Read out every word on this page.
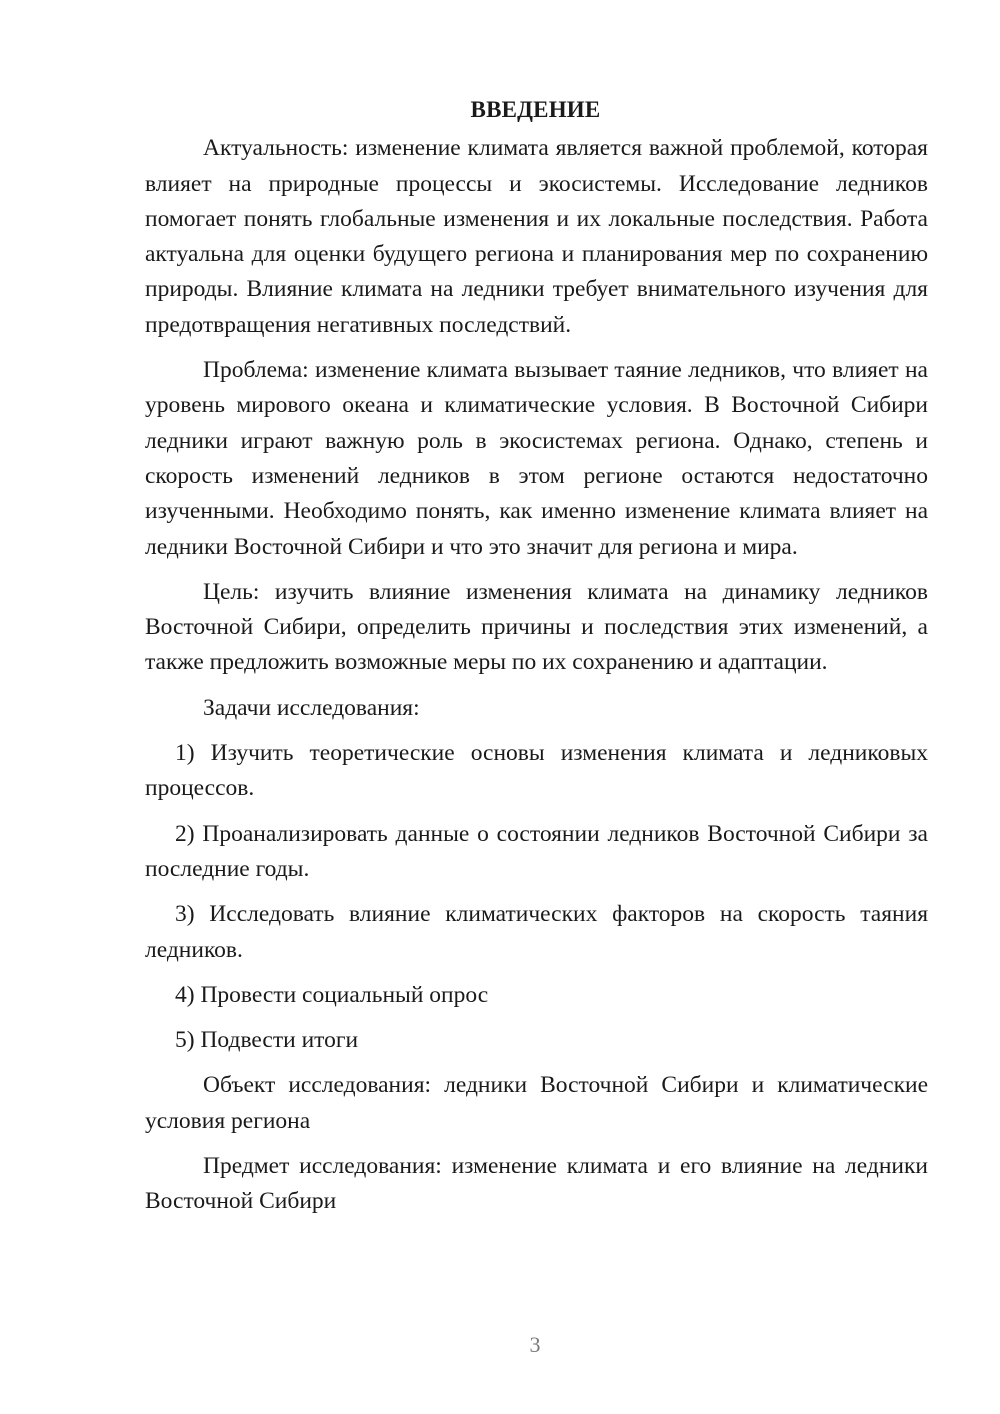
ВВЕДЕНИЕ

Актуальность: изменение климата является важной проблемой, которая влияет на природные процессы и экосистемы. Исследование ледников помогает понять глобальные изменения и их локальные последствия. Работа актуальна для оценки будущего региона и планирования мер по сохранению природы. Влияние климата на ледники требует внимательного изучения для предотвращения негативных последствий.

Проблема: изменение климата вызывает таяние ледников, что влияет на уровень мирового океана и климатические условия. В Восточной Сибири ледники играют важную роль в экосистемах региона. Однако, степень и скорость изменений ледников в этом регионе остаются недостаточно изученными. Необходимо понять, как именно изменение климата влияет на ледники Восточной Сибири и что это значит для региона и мира.

Цель: изучить влияние изменения климата на динамику ледников Восточной Сибири, определить причины и последствия этих изменений, а также предложить возможные меры по их сохранению и адаптации.

Задачи исследования:

1) Изучить теоретические основы изменения климата и ледниковых процессов.

2) Проанализировать данные о состоянии ледников Восточной Сибири за последние годы.

3) Исследовать влияние климатических факторов на скорость таяния ледников.

4) Провести социальный опрос

5) Подвести итоги

Объект исследования: ледники Восточной Сибири и климатические условия региона

Предмет исследования: изменение климата и его влияние на ледники Восточной Сибири

3
